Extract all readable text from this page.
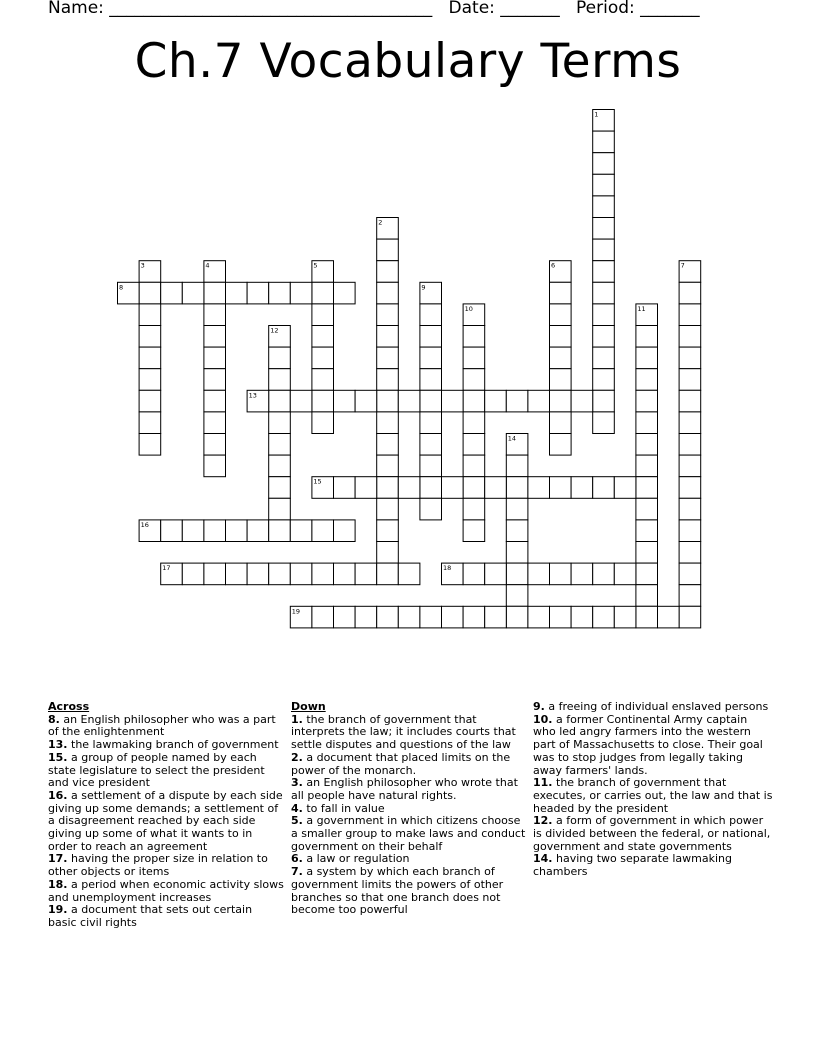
Name: ______________________________________ Date: _______ Period: _______
Ch.7 Vocabulary Terms
1
2
3	4	5	6	7
8	9
10	11
12
13
14
15
16
17	18
19
Across
8. an English philosopher who was a part of the enlightenment
13. the lawmaking branch of government
15. a group of people named by each state legislature to select the president and vice president
16. a settlement of a dispute by each side giving up some demands; a settlement of a disagreement reached by each side giving up some of what it wants to in order to reach an agreement
17. having the proper size in relation to other objects or items
18. a period when economic activity slows and unemployment increases
19. a document that sets out certain basic civil rights
Down
1. the branch of government that interprets the law; it includes courts that settle disputes and questions of the law
2. a document that placed limits on the power of the monarch.
3. an English philosopher who wrote that all people have natural rights.
4. to fall in value
5. a government in which citizens choose a smaller group to make laws and conduct government on their behalf
6. a law or regulation
7. a system by which each branch of government limits the powers of other branches so that one branch does not become too powerful
9. a freeing of individual enslaved persons
10. a former Continental Army captain who led angry farmers into the western part of Massachusetts to close. Their goal was to stop judges from legally taking away farmers' lands.
11. the branch of government that executes, or carries out, the law and that is headed by the president
12. a form of government in which power is divided between the federal, or national, government and state governments
14. having two separate lawmaking chambers
